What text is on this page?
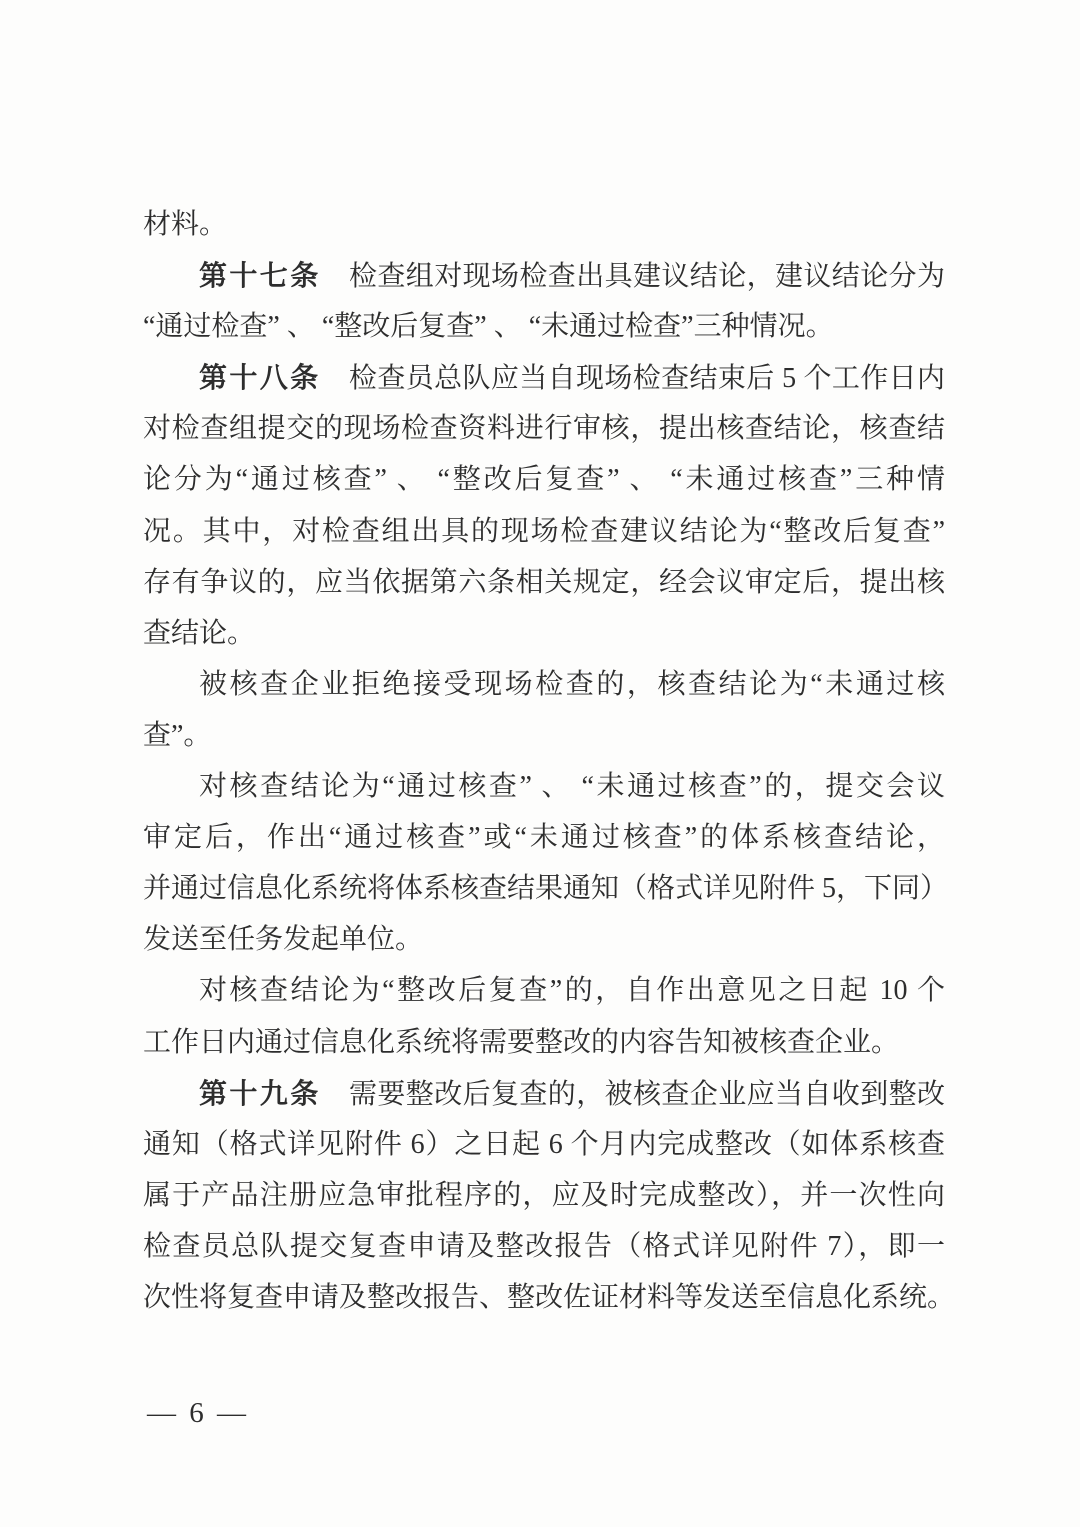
材料。
第十七条　检查组对现场检查出具建议结论，建议结论分为
“通过检查” 、 “整改后复查” 、 “未通过检查”三种情况。
第十八条　检查员总队应当自现场检查结束后 5 个工作日内
对检查组提交的现场检查资料进行审核，提出核查结论，核查结
论分为“通过核查” 、 “整改后复查” 、 “未通过核查”三种情
况。其中，对检查组出具的现场检查建议结论为“整改后复查”
存有争议的，应当依据第六条相关规定，经会议审定后，提出核
查结论。
被核查企业拒绝接受现场检查的，核查结论为“未通过核
查”。
对核查结论为“通过核查” 、 “未通过核查”的，提交会议
审定后，作出“通过核查”或“未通过核查”的体系核查结论，
并通过信息化系统将体系核查结果通知（格式详见附件 5，下同）
发送至任务发起单位。
对核查结论为“整改后复查”的，自作出意见之日起 10 个
工作日内通过信息化系统将需要整改的内容告知被核查企业。
第十九条　需要整改后复查的，被核查企业应当自收到整改
通知（格式详见附件 6）之日起 6 个月内完成整改（如体系核查
属于产品注册应急审批程序的，应及时完成整改），并一次性向
检查员总队提交复查申请及整改报告（格式详见附件 7），即一
次性将复查申请及整改报告、整改佐证材料等发送至信息化系统。
— 6 —
